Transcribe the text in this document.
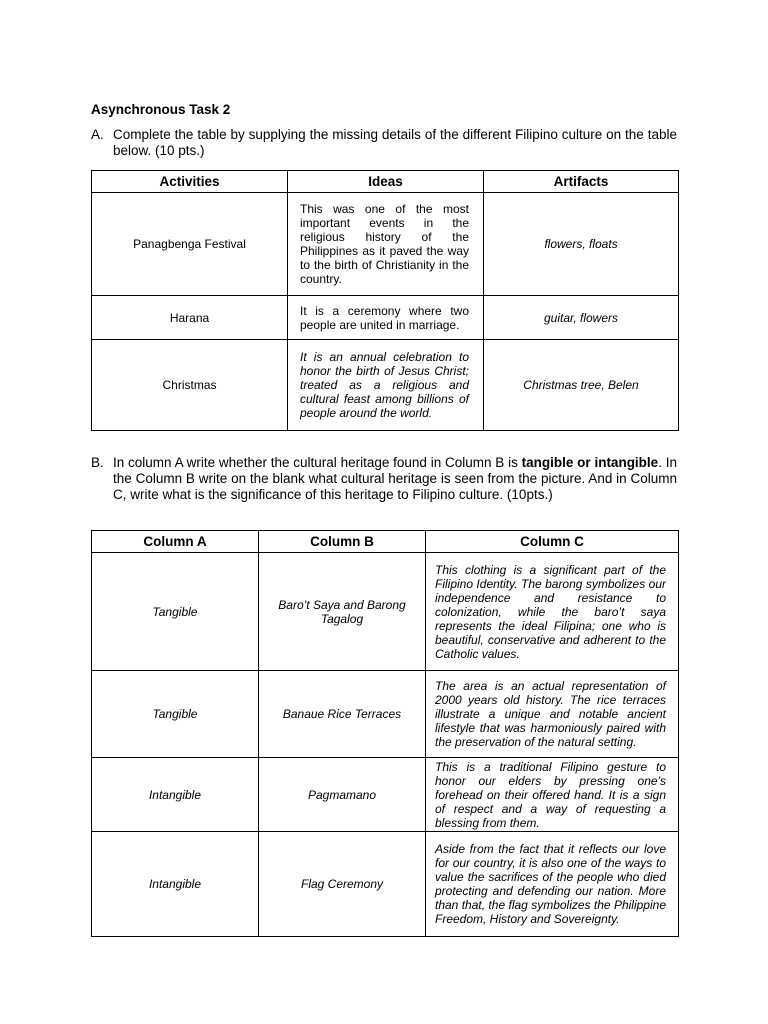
Asynchronous Task 2
A. Complete the table by supplying the missing details of the different Filipino culture on the table below. (10 pts.)
Activities	Ideas	Artifacts
Panagbenga Festival	This was one of the most important events in the religious history of the Philippines as it paved the way to the birth of Christianity in the country.	flowers, floats
Harana	It is a ceremony where two people are united in marriage.	guitar, flowers
Christmas	It is an annual celebration to honor the birth of Jesus Christ; treated as a religious and cultural feast among billions of people around the world.	Christmas tree, Belen
B. In column A write whether the cultural heritage found in Column B is tangible or intangible. In the Column B write on the blank what cultural heritage is seen from the picture. And in Column C, write what is the significance of this heritage to Filipino culture. (10pts.)
Column A	Column B	Column C
Tangible	Baro’t Saya and Barong Tagalog	This clothing is a significant part of the Filipino Identity. The barong symbolizes our independence and resistance to colonization, while the baro’t saya represents the ideal Filipina; one who is beautiful, conservative and adherent to the Catholic values.
Tangible	Banaue Rice Terraces	The area is an actual representation of 2000 years old history. The rice terraces illustrate a unique and notable ancient lifestyle that was harmoniously paired with the preservation of the natural setting.
Intangible	Pagmamano	This is a traditional Filipino gesture to honor our elders by pressing one’s forehead on their offered hand. It is a sign of respect and a way of requesting a blessing from them.
Intangible	Flag Ceremony	Aside from the fact that it reflects our love for our country, it is also one of the ways to value the sacrifices of the people who died protecting and defending our nation. More than that, the flag symbolizes the Philippine Freedom, History and Sovereignty.
